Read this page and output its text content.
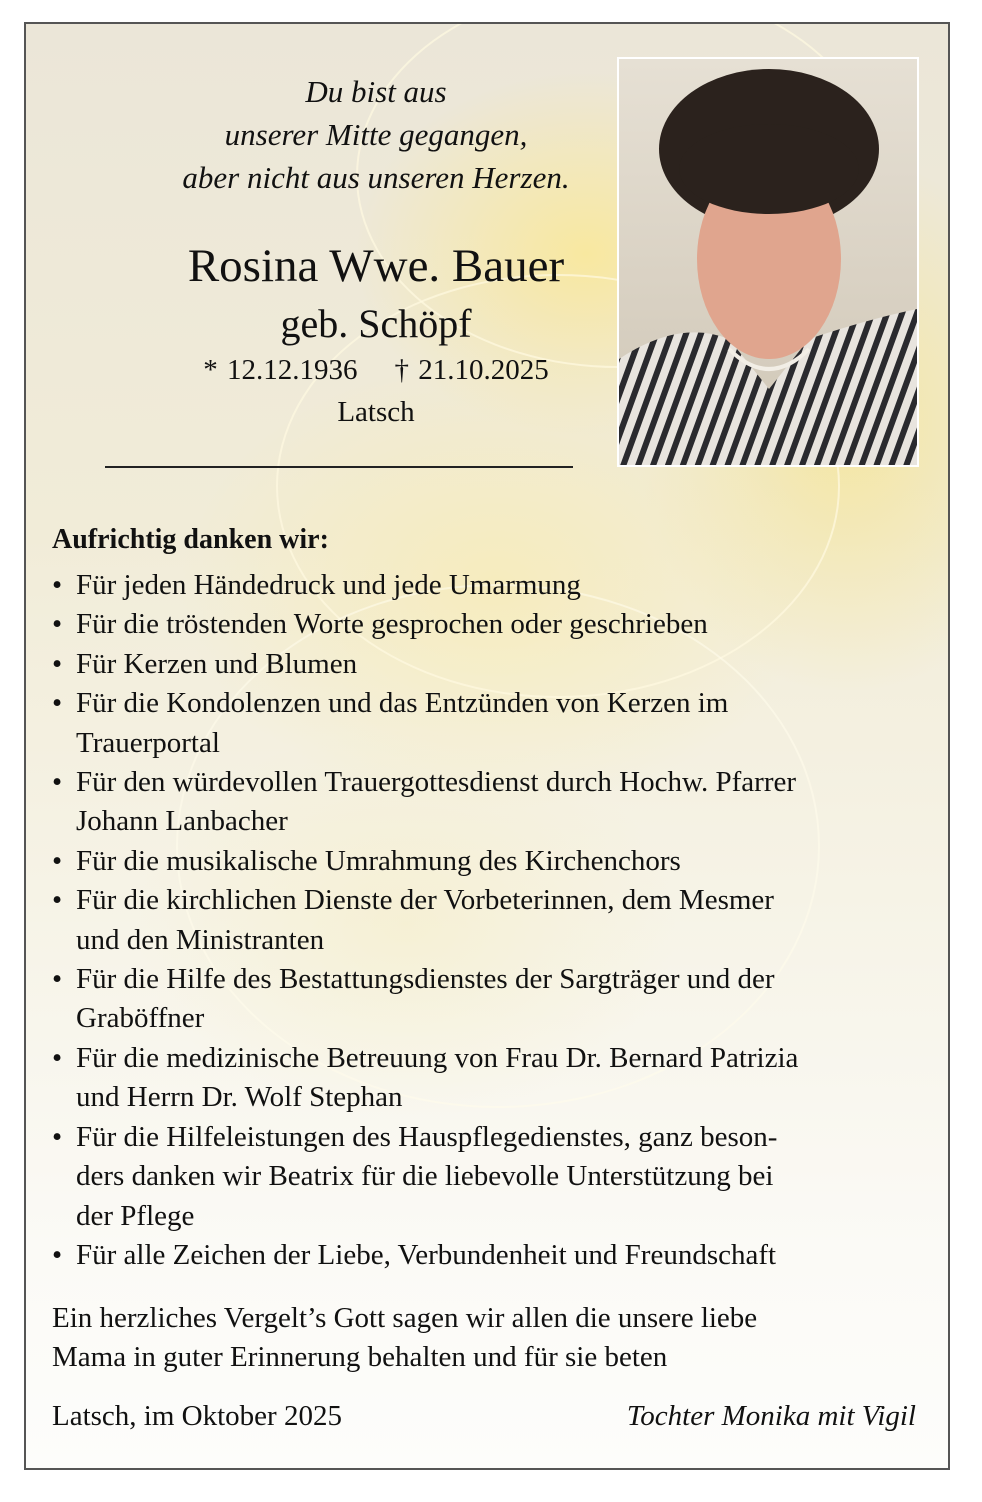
Du bist aus
unserer Mitte gegangen,
aber nicht aus unseren Herzen.
Rosina Wwe. Bauer
geb. Schöpf
* 12.12.1936 † 21.10.2025
Latsch
Aufrichtig danken wir:
• Für jeden Händedruck und jede Umarmung
• Für die tröstenden Worte gesprochen oder geschrieben
• Für Kerzen und Blumen
• Für die Kondolenzen und das Entzünden von Kerzen im
Trauerportal
• Für den würdevollen Trauergottesdienst durch Hochw. Pfarrer
Johann Lanbacher
• Für die musikalische Umrahmung des Kirchenchors
• Für die kirchlichen Dienste der Vorbeterinnen, dem Mesmer
und den Ministranten
• Für die Hilfe des Bestattungsdienstes der Sargträger und der
Graböffner
• Für die medizinische Betreuung von Frau Dr. Bernard Patrizia
und Herrn Dr. Wolf Stephan
• Für die Hilfeleistungen des Hauspflegedienstes, ganz beson-
ders danken wir Beatrix für die liebevolle Unterstützung bei
der Pflege
• Für alle Zeichen der Liebe, Verbundenheit und Freundschaft
Ein herzliches Vergelt’s Gott sagen wir allen die unsere liebe
Mama in guter Erinnerung behalten und für sie beten
Latsch, im Oktober 2025	Tochter Monika mit Vigil
